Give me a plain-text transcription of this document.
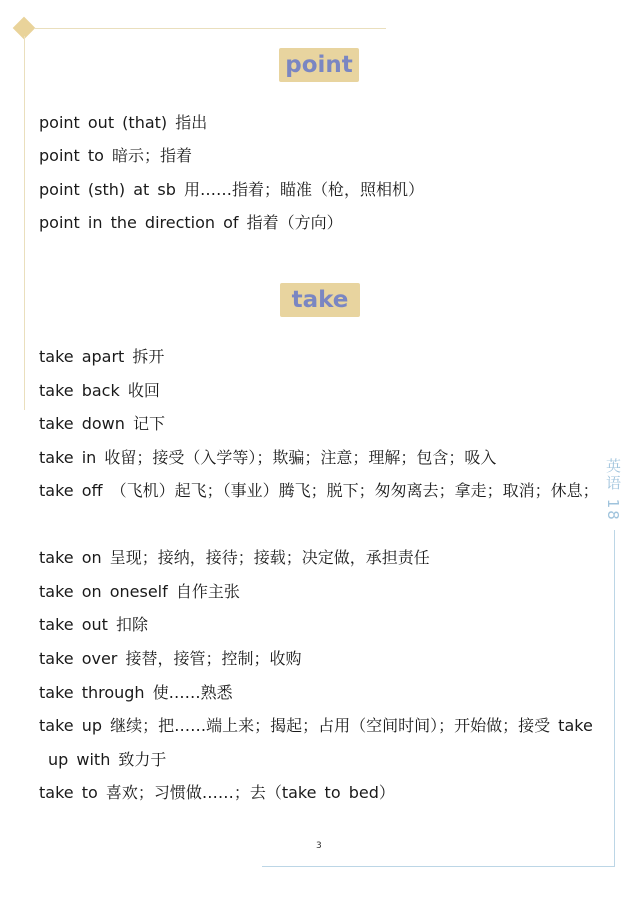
英语 18
point
point out (that) 指出
point to 暗示；指着
point (sth) at sb 用……指着；瞄准（枪，照相机）
point in the direction of 指着（方向）
take
take apart 拆开
take back 收回
take down 记下
take in 收留；接受（入学等）；欺骗；注意；理解；包含；吸入
take off （飞机）起飞；（事业）腾飞；脱下；匆匆离去；拿走；取消；休息；
take on 呈现；接纳，接待；接载；决定做，承担责任
take on oneself 自作主张
take out 扣除
take over 接替，接管；控制；收购
take through 使……熟悉
take up 继续；把……端上来；揭起；占用（空间时间）；开始做；接受 take
up with 致力于
take to 喜欢；习惯做……；去（take to bed）
3
